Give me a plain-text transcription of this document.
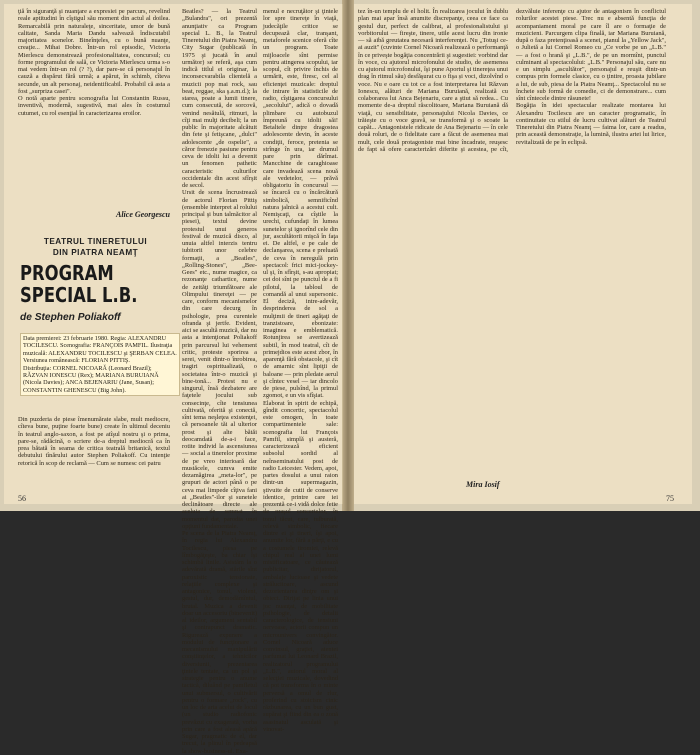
ţiă în siguranţă şi nuanţare a expresiei pe parcurs, revelind reale aptitudini în cîştigul său moment din actul al doilea. Remarcabilă prin naturaleţe, sinceritate, umor de bună calitate, Sanda Maria Dandu salvează îndiscutabil majoritatea scenelor. Bineînţeles, cu o bună nuanţe, creaţie... Mihai Dobre. Într-un rol episodic, Victoria Mierlescu demonstrează profesionalitatea, concursul; cu forme programului de sală, ce Victoria Mierlescu urma s-o mai vedem într-un rol (? ?), dar pare-se că personajul în cauză a dispărut fără urmă; a apărut, în schimb, cîteva secunde, un alt personaj, neidentificabil. Probabil că asta a fost „surpriza casei".
O notă aparte pentru scenografia lui Constantin Russu, inventivă, modernă, sugestivă, mai ales în costumul cutumei, cu rol esenţial în caracterizarea eroilor.

Alice Georgescu
TEATRUL TINERETULUI
DIN PIATRA NEAMŢ
PROGRAM SPECIAL L.B.
de Stephen Poliakoff

Data premierei: 23 februarie 1980. Regia: ALEXANDRU TOCILESCU. Scenografia: FRANÇOIS PAMFIL. Ilustraţia muzicală: ALEXANDRU TOCILESCU şi ŞERBAN CELEA. Versiunea românească: FLORIAN PITTIŞ.
Distribuţia: CORNEL NICOARĂ (Leonard Brazil); RĂZVAN IONESCU (Rex); MARIANA BURUIANĂ (Nicola Davies); ANCA BEJENARIU (Jane, Susan); CONSTANTIN GHENESCU (Big John).

Din puzderia de piese îmenumărate slabe, mult mediocre, cîteva bune, puţine foarte bune) create în ultimul deceniu în teatrul anglo-saxon, a fost pe atîşul nostru şi o prima, pare-se, rădăcină, o scriere de-a dreptul mediocră ca în prea bătată în seama de critica teatrală britanică, textul debutului tînărului autor Stephen Poliakoff. Cu intenţie retorică în scop de reclamă — Cum se numesc cei patru

Beatles? — la Teatrul „Bulandra", ori prezentă anunţiativ ca Program special L. B., la Teatrul Tineretului din Piatra Neamţ, City Sugar (publicată în 1975 şi jucată în anul următor) se referă, aşa cum indică titlul ei originar, la inconsecvarabila clientelă a muzicii pop mai rock, sau beat, reggae, ska ş.a.m.d.); la starea, poate a lumii tinere, cum consecută, de sorcovă, venind nesătulă, ritmuri, la cîţi mai mulţi decibeli; la un public în majoritate alcătuit din fete şi fetişcane, „dulci" adolescente „de ospelie", a căror frenezie pasiune pentru ceva de idolii lui a devenit un fenomen pathetic caracteristic culturilor occidentale din acest sfîrşit de secol.
Ursit de scena încrustrează de actorul Florian Pittiş (ensemble interpret al rolului principal şi bun talmăcitor al piesei), textul devine protestul unui generos festival de muzică disco, al unuia altfel interzis tentru iubitorii unor celebre formaţii, a „Beatles", „Rolling-Stones", „Bee-Gees" etc., nume magice, ca rezonanţe cathartice, nume de zeităţi triumfătoare ale Olimpului tinereţei — pe care, conform mecanismelor din care decurg în psihologie, prea curentele ofranda şi jertfe. Evident, aici se ascultă muzică, dar nu asta a intenţionat Poliakoff prin parcursul lui vehement critic, proteste sporirea a serei, venit dintr-o înrobirea, tragiri ospiritualizată, o societatea într-o muzică şi bine-tonă... Protest nu e singurul, însă dezbatere are faţetele jocului sub consecinţe, cîte tensiunea cultivată, oferită şi conectă, sînt tema neşleţea existenţei, că persoanele tăi al ulterior prost şi alte bătăi deocamdată de-a-i face, rotite individ la ascensiunea — social a tinerelor proxime de pe vreo interioară dar mustăcele, cumva emite dezamăgirea „meta-lor", pe grupuri de actori până o pe ceva mai limpede cîţiva fani ai „Beatles"-ilor şi sunetele declinătoare directe ale aceluia de semnat în momentul dat, parodia unei opţiuni fundamentale.
Pe scena de la Piatra Neamţ, în regia lui Alexandru Tocilescu, piesa pe lîmbogăţeşte, ba chiar îşi schimbă linile. Asistăm la o adevărată dramă, stările sînt paroxistic tensionate, relaţiile complexe şi antagonice, tonul, violent, gestul, dur, demodămîntul, brutal. Muzica a devenit doar un accesoriu (binevenit) al ideilor, argument sentabil şi contrapunct dramatic. Rigurează expunere a modului de funcţionare a mecanismului manipulării conştiinţelor, a tehnicilor diversiunii, prezentarea ţintele tentate, ca un pol şi strategie pentru o anume tactică, diluând pe pamfletul unui submersul, o cultivării pentru o formare „rock", cu un loc de arta acelui de locul (un studio radiofonic prevăzut cu exagerată, vorba prin care a fost aleasă apără Sugar, pragmatic de el, dar trecut, la plinul în pedeapsă la show-business-ul. Exa-

menul e necruţător şi ţintele lor spre tinereţe în viaţă, judecăţile critice se decupează clar, tranşant, metaforele scenice oferă cîte un program. Toate mijloacele sînt permise pentru atingerea scopului, iar scopul, cît privire închis de urmărit, este, firesc, cel al eficienţei muzicale: dreptul de intrare în statisticile de radio, cîştigarea concursului „secolului", adică o dovadă plimbare cu autobuzul împreună cu idolii săi! Betaltele dinţre dragostea adolescente devin, în aceste condiţii, feroce, pretenia se strînge în ura, iar drumul pare prin dărîmat. Mancchine de caraghioase care invadează scena nouă ale vedetelor, — prăvă obligatoriu în concursul — se încarcă cu o încărcătură simbolică, semnificînd natura jalnică a acestui cult. Nemişcaţi, ca cîştile la urechi, cufundaţi în lumea sunetelor şi ignorînd cele din jur, ascultătorii mişcă în faţa ei. De altfel, e pe cale de declanşarea, scena e preluată de ceva în neregulă prin spectacol: frici mici-jockey-ul şi, în sfîrşit, s-au apropiat; cei doi sînt pe punctul de a fi pilotul, la tabloul de comandă al unui supersonic. El deciză, intre-adevăr, desprinderea de sol a mulţimii de tineri agăţaţi de tranzistoare, ebonizate: imaginea e emblematică. Rotunjirea se avertizează subtil, în mod teatral, cît de primejdios este acest zbor, în aparenţă fără obstacole, şi cît de amarnic sînt lipiţii de baloane — prin pledate aerul şi cîntec vesel — iar dincolo de piese, pulsînd, la primul zgomot, e un vis sfîşiat.
Elaborat în spirit de echipă, gîndit concertic, spectacolul este omogen, în toate compartimentele sale: scenografia lui François Pamfil, simplă şi austeră, caracterizează eficient subsolul sordid al neînseminatului post de radio Leicester. Vedem, apoi, partes dosului a unui raion dintr-un supermagazin, ştivuite de cutii de conserve identice, printre care iei prezentă ce-i vidă dolce fetie de oraşul concertelor, în tonul tăcut, care, tulburată, relevă simbolic, fiecare dintre ei şi tineri, îşi apoi, anumite lor, fără a părţi, e cu a costumele tiromiei, relevă chipul real al unei lumi mistificatoare, ce căutează publicitar, dirijatorul, ambalaje lucioase şi vedete strălucitoare, ascund dezorientarea dinţre om şi obiect. Dirijat pe linia unui joc nuanţat, de mobilitate psihologie, de detalii caracterologice, de tensiuni nervoase, actorii compun un microunivers convingător. Cornel Nicoară aduce convinsul, graţiei, atentei parfumat lui Leonard Brazil, realizatorul programului „L.B.", autorul moral al selecţiei muzicale, dovedind că pot transforma în o minte perversă a omul de rlur, proferind cu stoicism cinic răzbunarea, cu un bun gust, supărat şi fiind din ea o zonă asasinatul asculată şi vinovat-

56

tez în-un templu de el holit. În realizarea jocului în dublu plan mai apar însă anumite discrepanţe, ceea ce face ca gestul dur, perfect de calibrat, al profesionalistului şi vorbitorului — fireşte, tinere, utile acest lucru din ironie — să aibă greutatea necesară interferenţei. Nu „Totuşi ce-ai auzit" (cuvinte Cornel Nicoară realizează o performanţă în ce priveşte bogăţia concentrării şi sugestiei: vorbind dar în voce, cu ajutorul microfonului de studio, de asemenea cu ajutorul microfonului, îşi pune Aportul şi tinereţea unui drag în ritmul său) desfăşurat cu o fişa și voci, dizolvînd o voce. Nu e oare cu tot ce a fost interpretarea lui Răzvan Ionescu, alături de Mariana Buruiană, realizată cu colaborarea lui Anca Bejenariu, care a ştiut să redea... Cu momente de-a dreptul răscolitoare, Mariana Buruiană dă viaţă, cu sensibilitate, personajului Nicola Davies, ce trăieşte cu o voce gravă, se transformă şi o scoate la capăt... Antagonistele ridicate de Ana Bejenariu — în cele două roluri, de o fidelitate care a făcut de asemenea mai mult, cele două protagoniste mai bine încadrate, reuşesc de fapt să ofere caracterizări diferite şi acestea, pe cît, dezvăluie inferenţe cu ajutor de antagonism în conflictul rolurilor acestei piese. Trec nu e absentă funcţia de acompaniament moral pe care îl are o formaţie de muzicieni. Parcurgem clipa finală, iar Mariana Buruiană, după o faza pretenţioasă a scenei, pianul la „Yellow Jack", o Julietă a lui Cornel Romeo cu „Ce vorbe pe un „L.B." — a fost o hrană şi „L.B.", de pe un mormînt, punctul culminant al spectacolului: „L.B." Personajul său, care nu e un simplu „ascultător", personajul e reuşit dintr-un compus prin formele clasice, cu o ţintire, proasta jubilare a lui, de sub, piesa de la Piatra Neamţ... Spectacolul nu se încheie sub formă de comedie, ci de demonstrare... cum sînt cîntecele dintre răsunete!
Bogăţia în idei spectacular realizate montarea lui Alexandru Tocilescu are un caracter programatic, în continuitate cu stilul de lucru cultivat alături de Teatrul Tineretului din Piatra Neamţ — faima lor, care a readus, prin această demonstraţie, la lumină, ilustra artei lui lirice, revitalizată de pe în eclipsă.

Mira Iosif
75
